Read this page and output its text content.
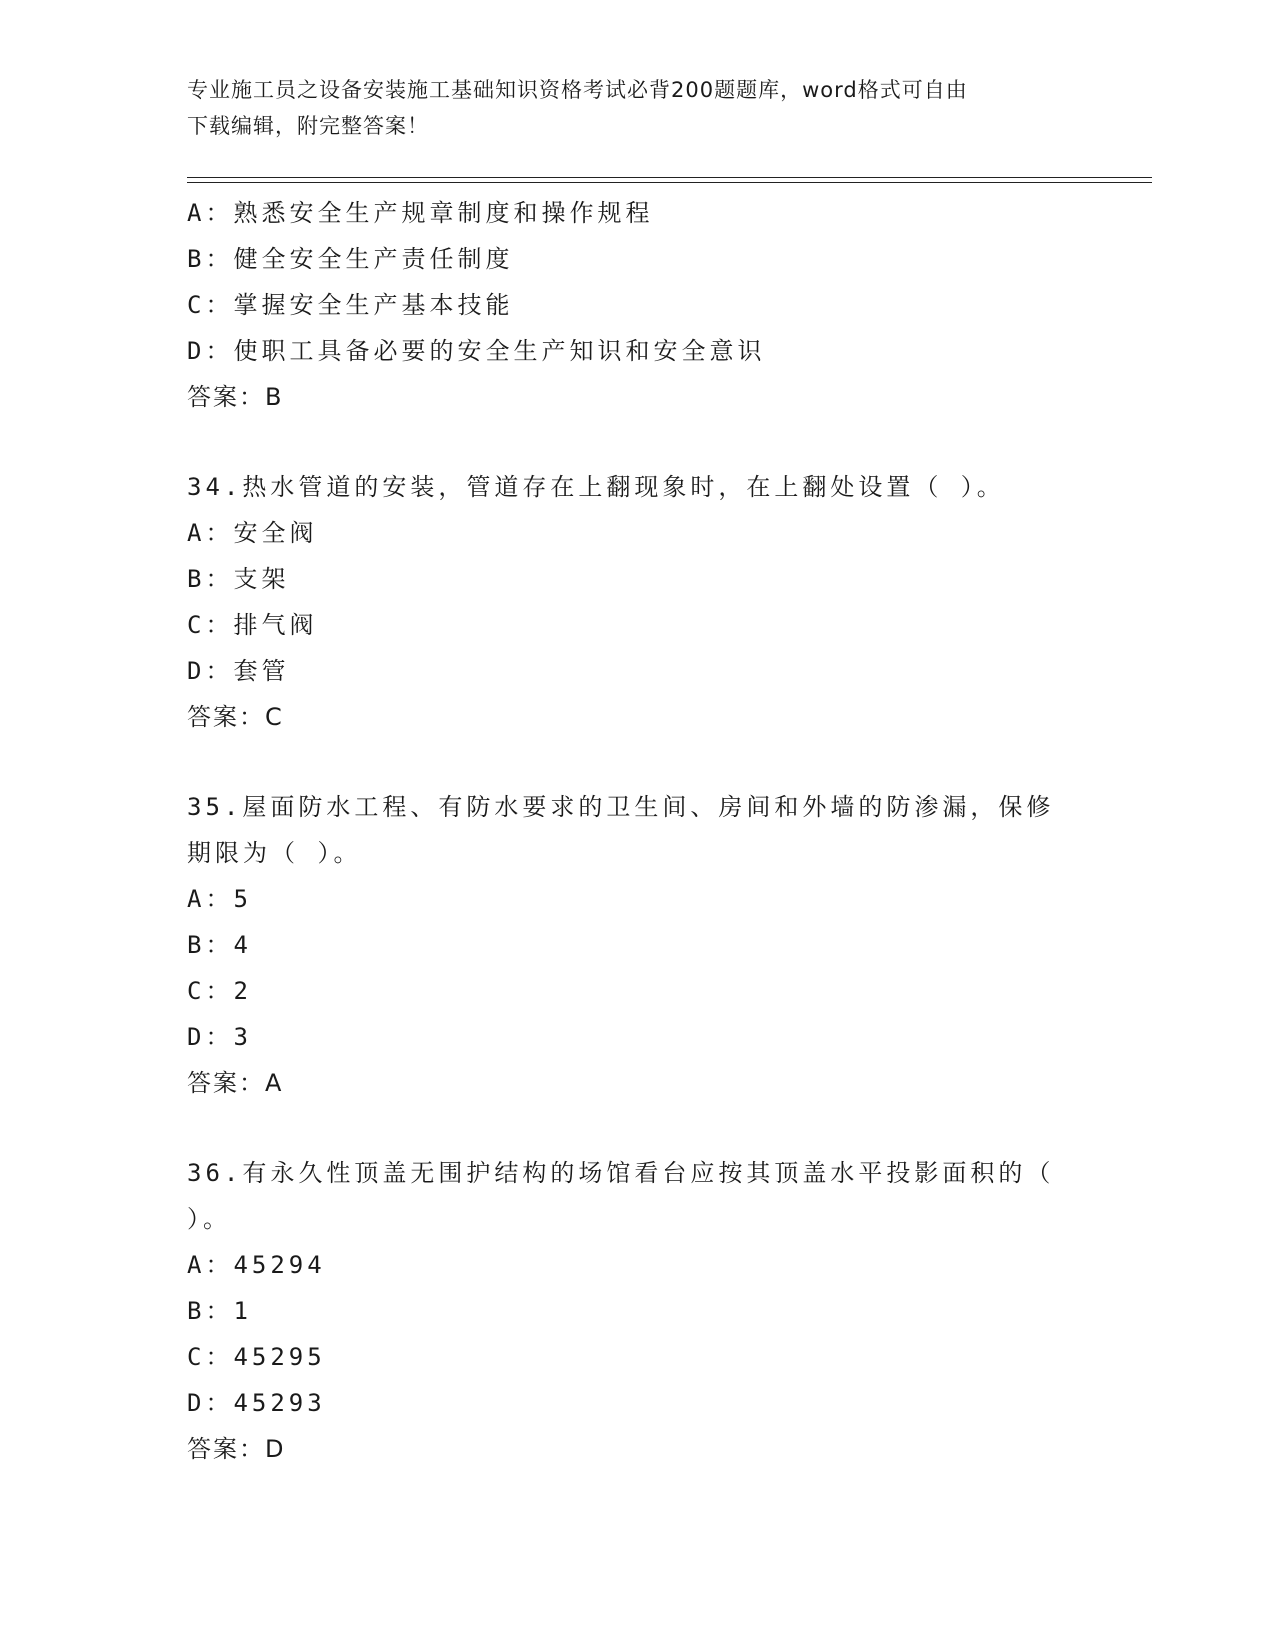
专业施工员之设备安装施工基础知识资格考试必背200题题库，word格式可自由
下载编辑，附完整答案！
A：熟悉安全生产规章制度和操作规程
B：健全安全生产责任制度
C：掌握安全生产基本技能
D：使职工具备必要的安全生产知识和安全意识
答案：B
34.热水管道的安装，管道存在上翻现象时，在上翻处设置（ ）。
A：安全阀
B：支架
C：排气阀
D：套管
答案：C
35.屋面防水工程、有防水要求的卫生间、房间和外墙的防渗漏，保修
期限为（ ）。
A：5
B：4
C：2
D：3
答案：A
36.有永久性顶盖无围护结构的场馆看台应按其顶盖水平投影面积的（
）。
A：45294
B：1
C：45295
D：45293
答案：D
